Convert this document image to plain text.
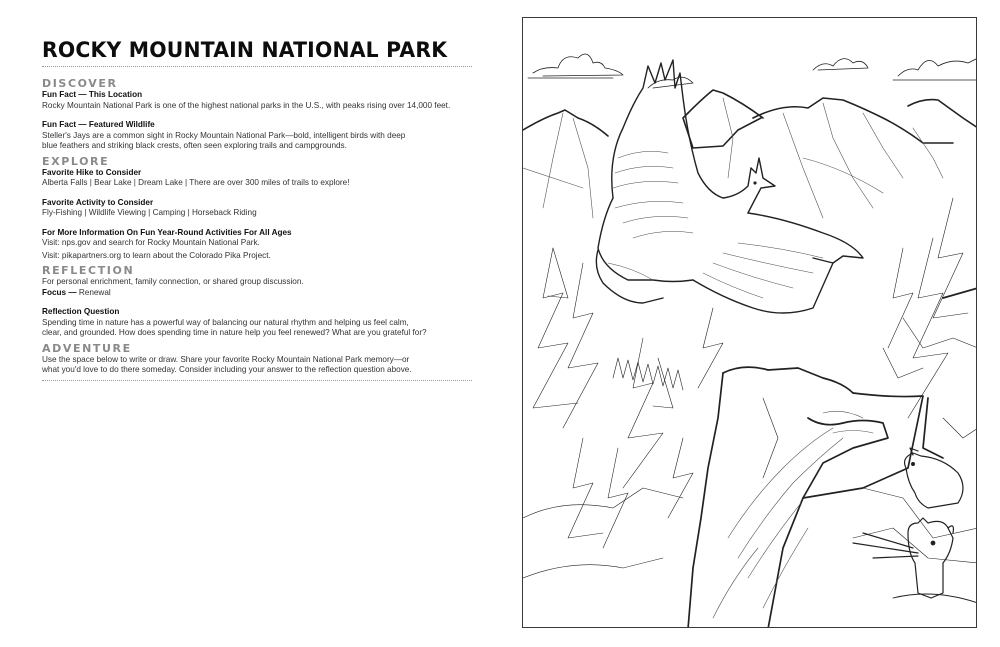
ROCKY MOUNTAIN NATIONAL PARK

DISCOVER

Fun Fact — This Location

Rocky Mountain National Park is one of the highest national parks in the U.S., with peaks rising over 14,000 feet.

Fun Fact — Featured Wildlife

Steller's Jays are a common sight in Rocky Mountain National Park—bold, intelligent birds with deep

blue feathers and striking black crests, often seen exploring trails and campgrounds.

EXPLORE

Favorite Hike to Consider

Alberta Falls | Bear Lake | Dream Lake | There are over 300 miles of trails to explore!

Favorite Activity to Consider

Fly-Fishing | Wildlife Viewing | Camping | Horseback Riding

For More Information On Fun Year-Round Activities For All Ages

Visit: nps.gov and search for Rocky Mountain National Park.

Visit: pikapartners.org to learn about the Colorado Pika Project.

REFLECTION

For personal enrichment, family connection, or shared group discussion.

Focus — Renewal

Reflection Question

Spending time in nature has a powerful way of balancing our natural rhythm and helping us feel calm,

clear, and grounded. How does spending time in nature help you feel renewed? What are you grateful for?

ADVENTURE

Use the space below to write or draw. Share your favorite Rocky Mountain National Park memory—or

what you'd love to do there someday. Consider including your answer to the reflection question above.
